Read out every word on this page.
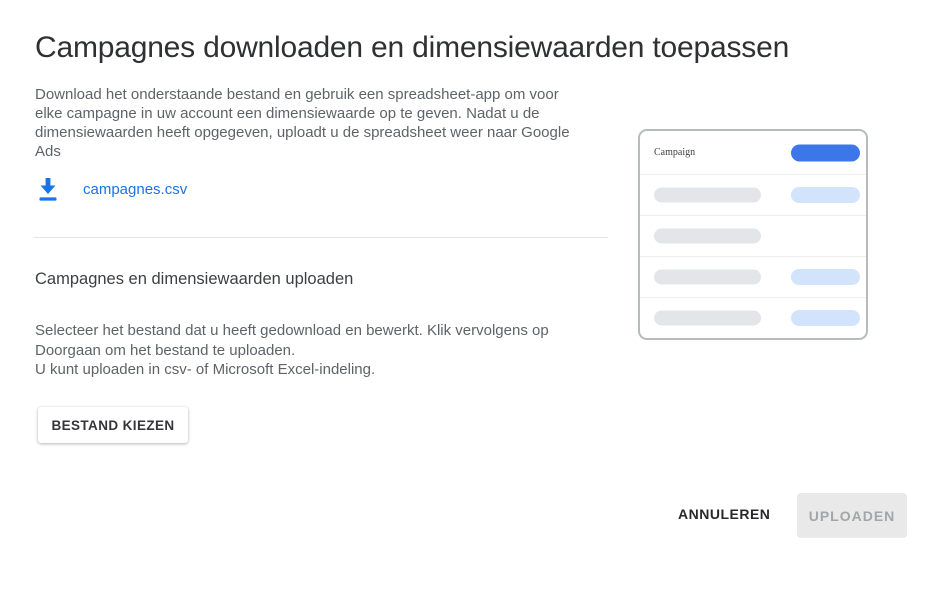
Campagnes downloaden en dimensiewaarden toepassen
Download het onderstaande bestand en gebruik een spreadsheet-app om voor
elke campagne in uw account een dimensiewaarde op te geven. Nadat u de
dimensiewaarden heeft opgegeven, uploadt u de spreadsheet weer naar Google
Ads
campagnes.csv
Campagnes en dimensiewaarden uploaden
Selecteer het bestand dat u heeft gedownload en bewerkt. Klik vervolgens op
Doorgaan om het bestand te uploaden.
U kunt uploaden in csv- of Microsoft Excel-indeling.
BESTAND KIEZEN
Campaign
ANNULEREN	UPLOADEN
